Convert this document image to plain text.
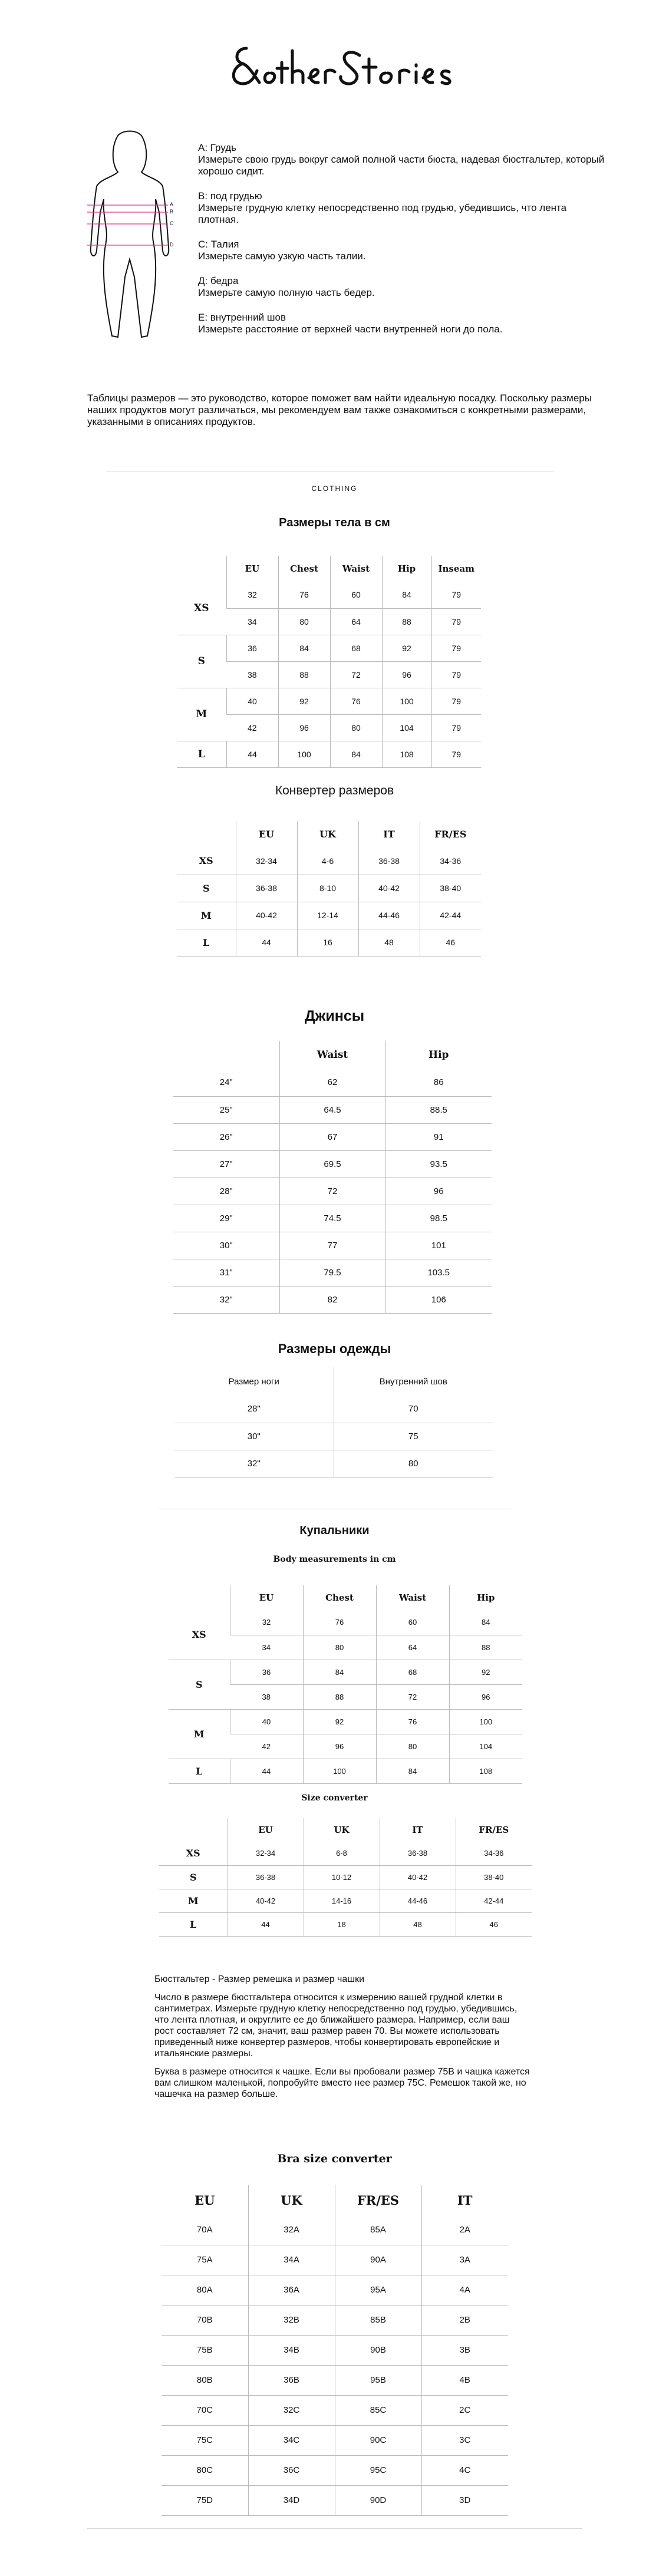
A
B
C
D

A: Грудь

Измерьте свою грудь вокруг самой полной части бюста, надевая бюстгальтер, который хорошо сидит.

B: под грудью

Измерьте грудную клетку непосредственно под грудью, убедившись, что лента плотная.

C: Талия

Измерьте самую узкую часть талии.

Д: бедра

Измерьте самую полную часть бедер.

E: внутренний шов

Измерьте расстояние от верхней части внутренней ноги до пола.

Таблицы размеров — это руководство, которое поможет вам найти идеальную посадку. Поскольку размеры наших продуктов могут различаться, мы рекомендуем вам также ознакомиться с конкретными размерами, указанными в описаниях продуктов.

CLOTHING
Размеры тела в см
	EU	Chest	Waist	Hip	Inseam
XS	32	76	60	84	79
	34	80	64	88	79
S	36	84	68	92	79
	38	88	72	96	79
M	40	92	76	100	79
	42	96	80	104	79
L	44	100	84	108	79
Конвертер размеров
	EU	UK	IT	FR/ES
XS	32-34	4-6	36-38	34-36
S	36-38	8-10	40-42	38-40
M	40-42	12-14	44-46	42-44
L	44	16	48	46
Джинсы
	Waist	Hip
24"	62	86
25"	64.5	88.5
26"	67	91
27"	69.5	93.5
28"	72	96
29"	74.5	98.5
30"	77	101
31"	79.5	103.5
32"	82	106
Размеры одежды
Размер ноги	Внутренний шов
28"	70
30"	75
32"	80
Купальники
Body measurements in cm
	EU	Chest	Waist	Hip
XS	32	76	60	84
	34	80	64	88
S	36	84	68	92
	38	88	72	96
M	40	92	76	100
	42	96	80	104
L	44	100	84	108
Size converter
	EU	UK	IT	FR/ES
XS	32-34	6-8	36-38	34-36
S	36-38	10-12	40-42	38-40
M	40-42	14-16	44-46	42-44
L	44	18	48	46

Бюстгальтер - Размер ремешка и размер чашки

Число в размере бюстгальтера относится к измерению вашей грудной клетки в сантиметрах. Измерьте грудную клетку непосредственно под грудью, убедившись, что лента плотная, и округлите ее до ближайшего размера. Например, если ваш рост составляет 72 см, значит, ваш размер равен 70. Вы можете использовать приведенный ниже конвертер размеров, чтобы конвертировать европейские и итальянские размеры.

Буква в размере относится к чашке. Если вы пробовали размер 75B и чашка кажется вам слишком маленькой, попробуйте вместо нее размер 75C. Ремешок такой же, но чашечка на размер больше.

Bra size converter
EU	UK	FR/ES	IT
70A	32A	85A	2A
75A	34A	90A	3A
80A	36A	95A	4A
70B	32B	85B	2B
75B	34B	90B	3B
80B	36B	95B	4B
70C	32C	85C	2C
75C	34C	90C	3C
80C	36C	95C	4C
75D	34D	90D	3D
